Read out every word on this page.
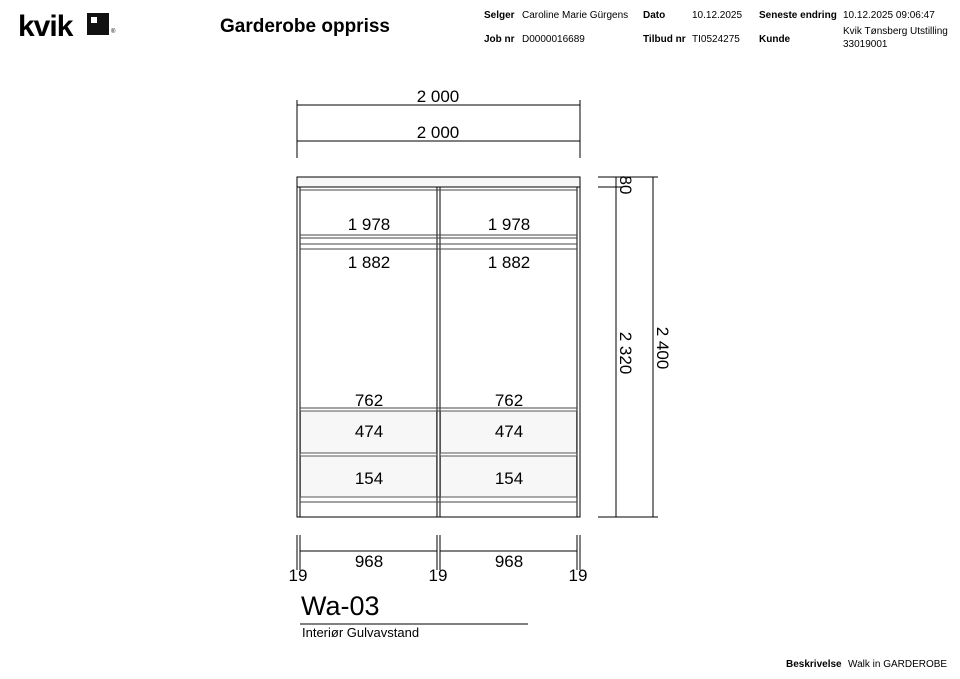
kvik	®	Garderobe oppriss
Selger Caroline Marie Gürgens Dato	10.12.2025 Seneste endring 10.12.2025 09:06:47
Job nr D0000016689	Tilbud nr TI0524275 Kunde
Kvik Tønsberg Utstilling
33019001
2 000
2 000
80
2 320 2 400
1 978
1 882
762
474
154
1 978
1 882
762
474
154
968	968
19	19	19
Wa-03
Interiør Gulvavstand
Beskrivelse Walk in GARDEROBE
